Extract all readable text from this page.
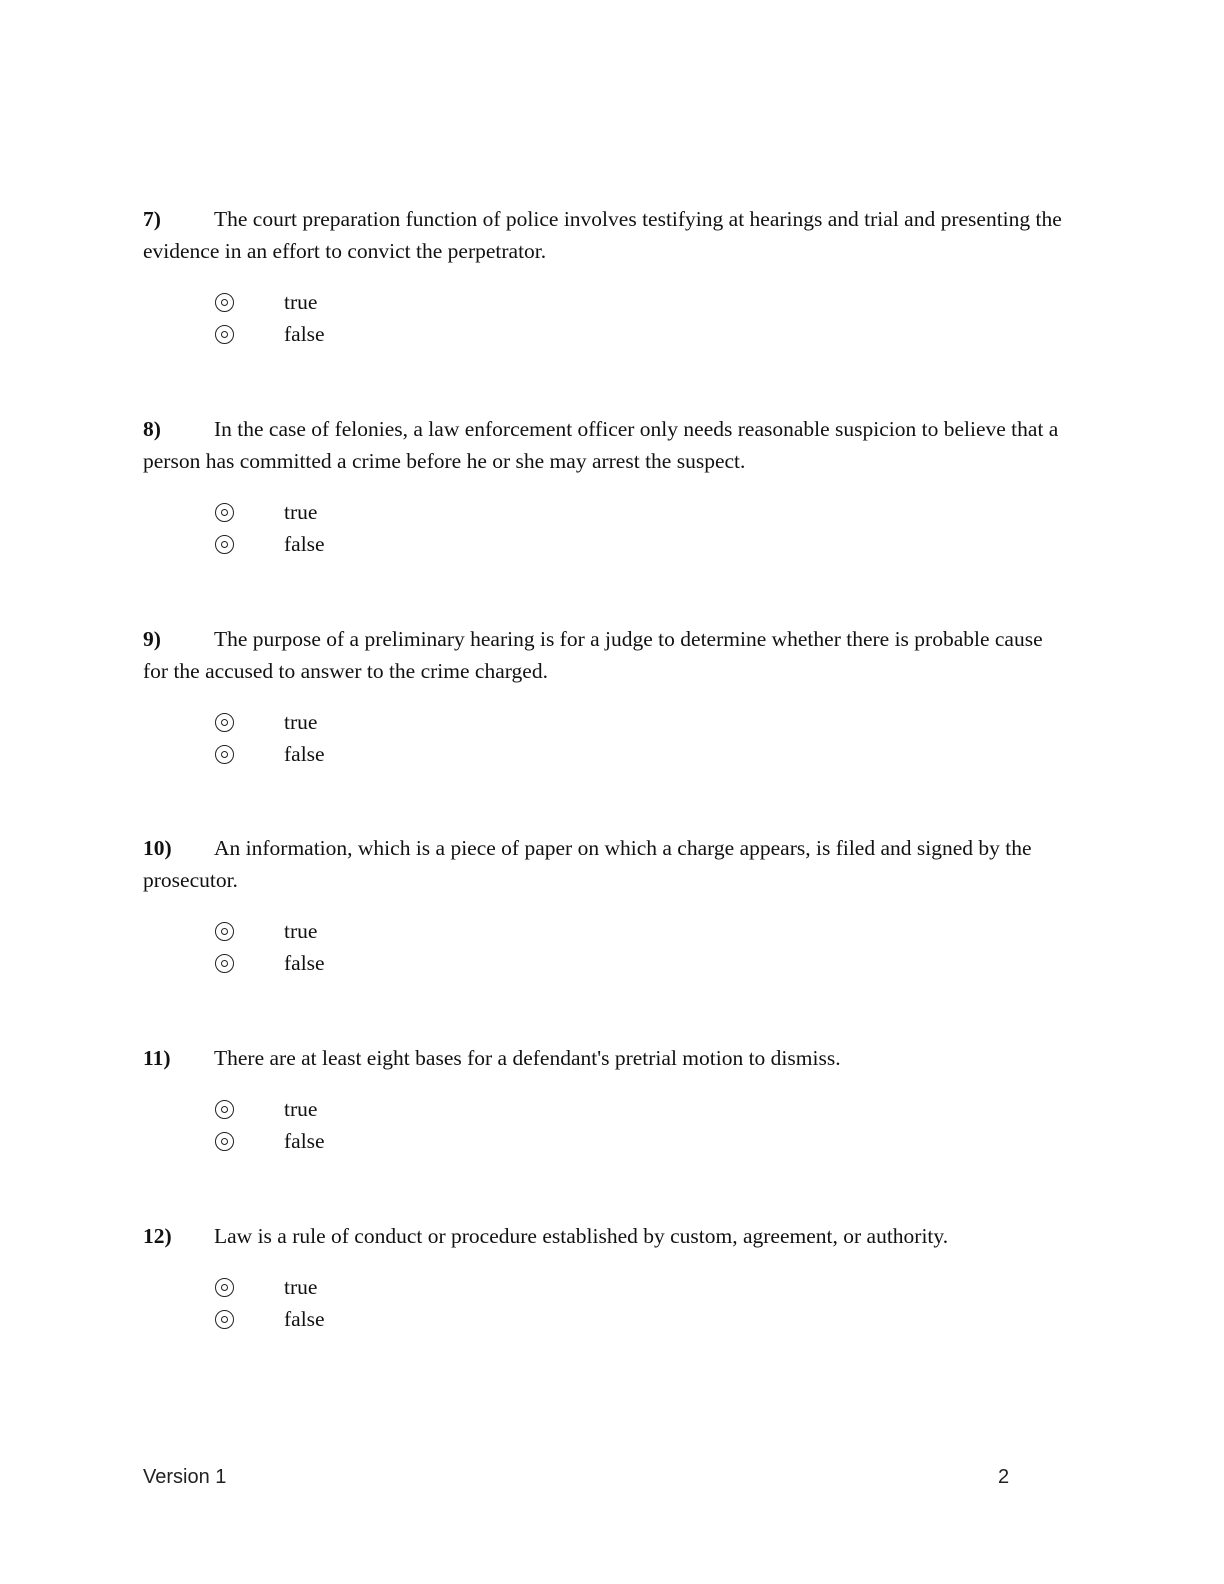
7) The court preparation function of police involves testifying at hearings and trial and presenting the evidence in an effort to convict the perpetrator.

true
false

8) In the case of felonies, a law enforcement officer only needs reasonable suspicion to believe that a person has committed a crime before he or she may arrest the suspect.

true
false

9) The purpose of a preliminary hearing is for a judge to determine whether there is probable cause for the accused to answer to the crime charged.

true
false

10) An information, which is a piece of paper on which a charge appears, is filed and signed by the prosecutor.

true
false

11) There are at least eight bases for a defendant's pretrial motion to dismiss.

true
false

12) Law is a rule of conduct or procedure established by custom, agreement, or authority.

true
false
Version 1	2
